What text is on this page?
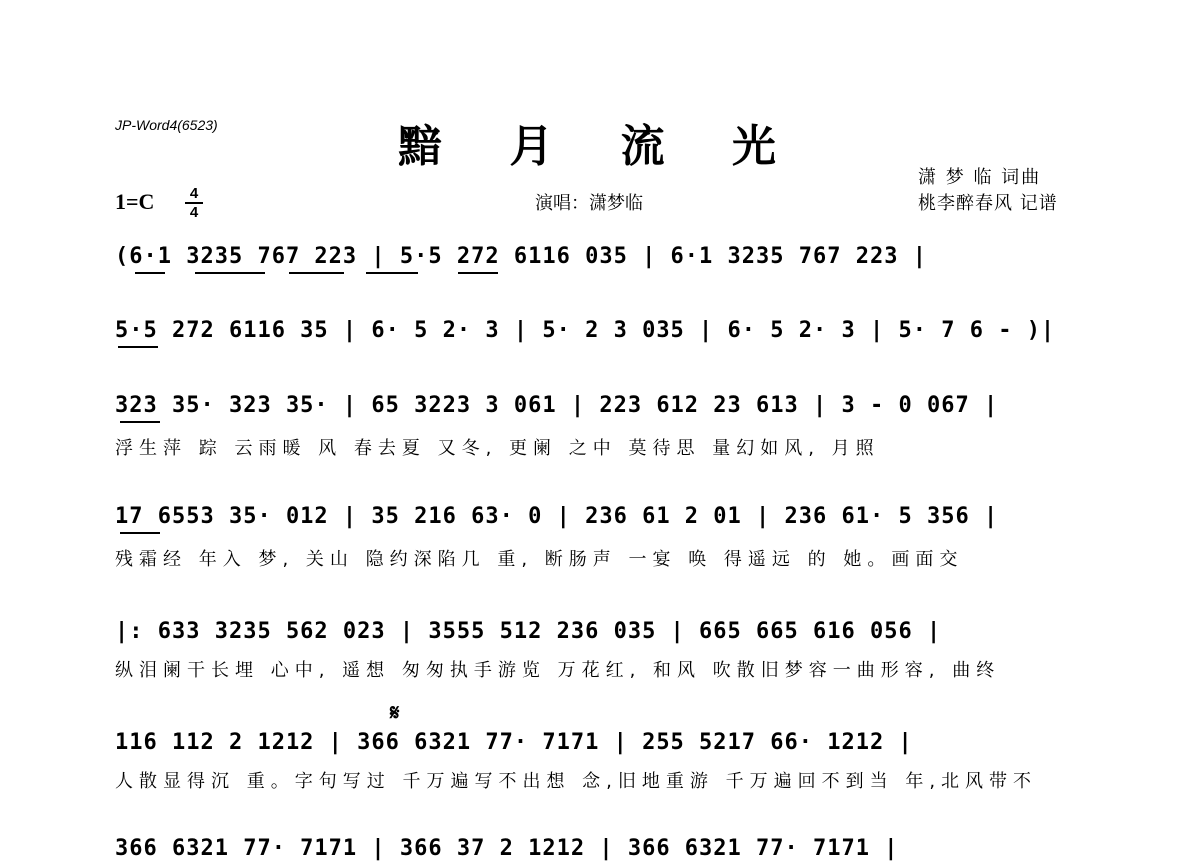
JP-Word4(6523)	黯 月 流 光
演唱：潇梦临
潇 梦 临 词曲
桃李醉春风 记谱
1=C	4
4
(6·1 3235 767 223 | 5·5 272 6116 035 | 6·1 3235 767 223 |
5·5 272 6116 35 | 6· 5 2· 3 | 5· 2 3 035 | 6· 5 2· 3 | 5· 7 6 - )|
323 35· 323 35· | 65 3223 3 061 | 223 612 23 613 | 3 - 0 067 |
浮生萍 踪 云雨暖 风 春去夏 又冬, 更阑 之中 莫待思 量幻如风, 月照
17 6553 35· 012 | 35 216 63· 0 | 236 61 2 01 | 236 61· 5 356 |
残霜经 年入 梦, 关山 隐约深陷几 重, 断肠声 一宴 唤 得遥远 的 她。画面交
|: 633 3235 562 023 | 3555 512 236 035 | 665 665 616 056 |
纵泪阑干长埋 心中, 遥想 匆匆执手游览 万花红, 和风 吹散旧梦容一曲形容, 曲终
𝄋
116 112 2 1212 | 366 6321 77· 7171 | 255 5217 66· 1212 |
人散显得沉 重。字句写过 千万遍写不出想 念,旧地重游 千万遍回不到当 年,北风带不
366 6321 77· 7171 | 366 37 2 1212 | 366 6321 77· 7171 |
